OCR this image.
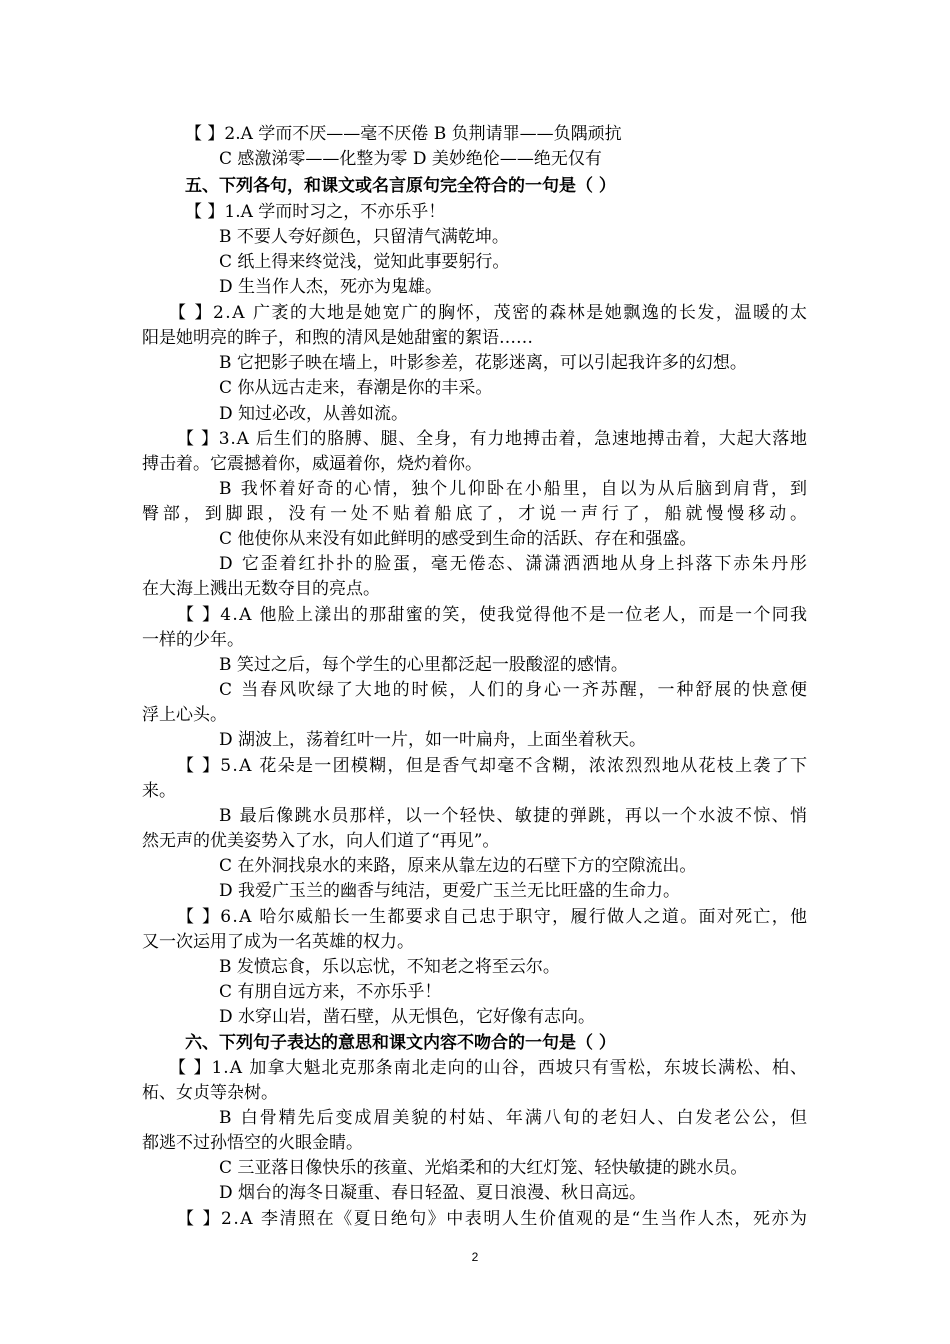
【 】2.A 学而不厌——毫不厌倦 B 负荆请罪——负隅顽抗
C 感激涕零——化整为零 D 美妙绝伦——绝无仅有
五、下列各句，和课文或名言原句完全符合的一句是（ ）
【 】1.A 学而时习之，不亦乐乎！
B 不要人夸好颜色，只留清气满乾坤。
C 纸上得来终觉浅，觉知此事要躬行。
D 生当作人杰，死亦为鬼雄。
【 】2.A 广袤的大地是她宽广的胸怀，茂密的森林是她飘逸的长发，温暖的太
阳是她明亮的眸子，和煦的清风是她甜蜜的絮语……
B 它把影子映在墙上，叶影参差，花影迷离，可以引起我许多的幻想。
C 你从远古走来，春潮是你的丰采。
D 知过必改，从善如流。
【 】3.A 后生们的胳膊、腿、全身，有力地搏击着，急速地搏击着，大起大落地
搏击着。它震撼着你，威逼着你，烧灼着你。
B 我怀着好奇的心情，独个儿仰卧在小船里，自以为从后脑到肩背，到
臀部，到脚跟，没有一处不贴着船底了，才说一声行了，船就慢慢移动。
C 他使你从来没有如此鲜明的感受到生命的活跃、存在和强盛。
D 它歪着红扑扑的脸蛋，毫无倦态、潇潇洒洒地从身上抖落下赤朱丹彤
在大海上溅出无数夺目的亮点。
【 】4.A 他脸上漾出的那甜蜜的笑，使我觉得他不是一位老人，而是一个同我
一样的少年。
B 笑过之后，每个学生的心里都泛起一股酸涩的感情。
C 当春风吹绿了大地的时候，人们的身心一齐苏醒，一种舒展的快意便
浮上心头。
D 湖波上，荡着红叶一片，如一叶扁舟，上面坐着秋天。
【 】5.A 花朵是一团模糊，但是香气却毫不含糊，浓浓烈烈地从花枝上袭了下
来。
B 最后像跳水员那样，以一个轻快、敏捷的弹跳，再以一个水波不惊、悄
然无声的优美姿势入了水，向人们道了“再见”。
C 在外洞找泉水的来路，原来从靠左边的石壁下方的空隙流出。
D 我爱广玉兰的幽香与纯洁，更爱广玉兰无比旺盛的生命力。
【 】6.A 哈尔威船长一生都要求自己忠于职守，履行做人之道。面对死亡，他
又一次运用了成为一名英雄的权力。
B 发愤忘食，乐以忘忧，不知老之将至云尔。
C 有朋自远方来，不亦乐乎！
D 水穿山岩，凿石壁，从无惧色，它好像有志向。
六、下列句子表达的意思和课文内容不吻合的一句是（ ）
【 】1.A 加拿大魁北克那条南北走向的山谷，西坡只有雪松，东坡长满松、柏、
柘、女贞等杂树。
B 白骨精先后变成眉美貌的村姑、年满八旬的老妇人、白发老公公，但
都逃不过孙悟空的火眼金睛。
C 三亚落日像快乐的孩童、光焰柔和的大红灯笼、轻快敏捷的跳水员。
D 烟台的海冬日凝重、春日轻盈、夏日浪漫、秋日高远。
【 】2.A 李清照在《夏日绝句》中表明人生价值观的是“生当作人杰，死亦为
2
